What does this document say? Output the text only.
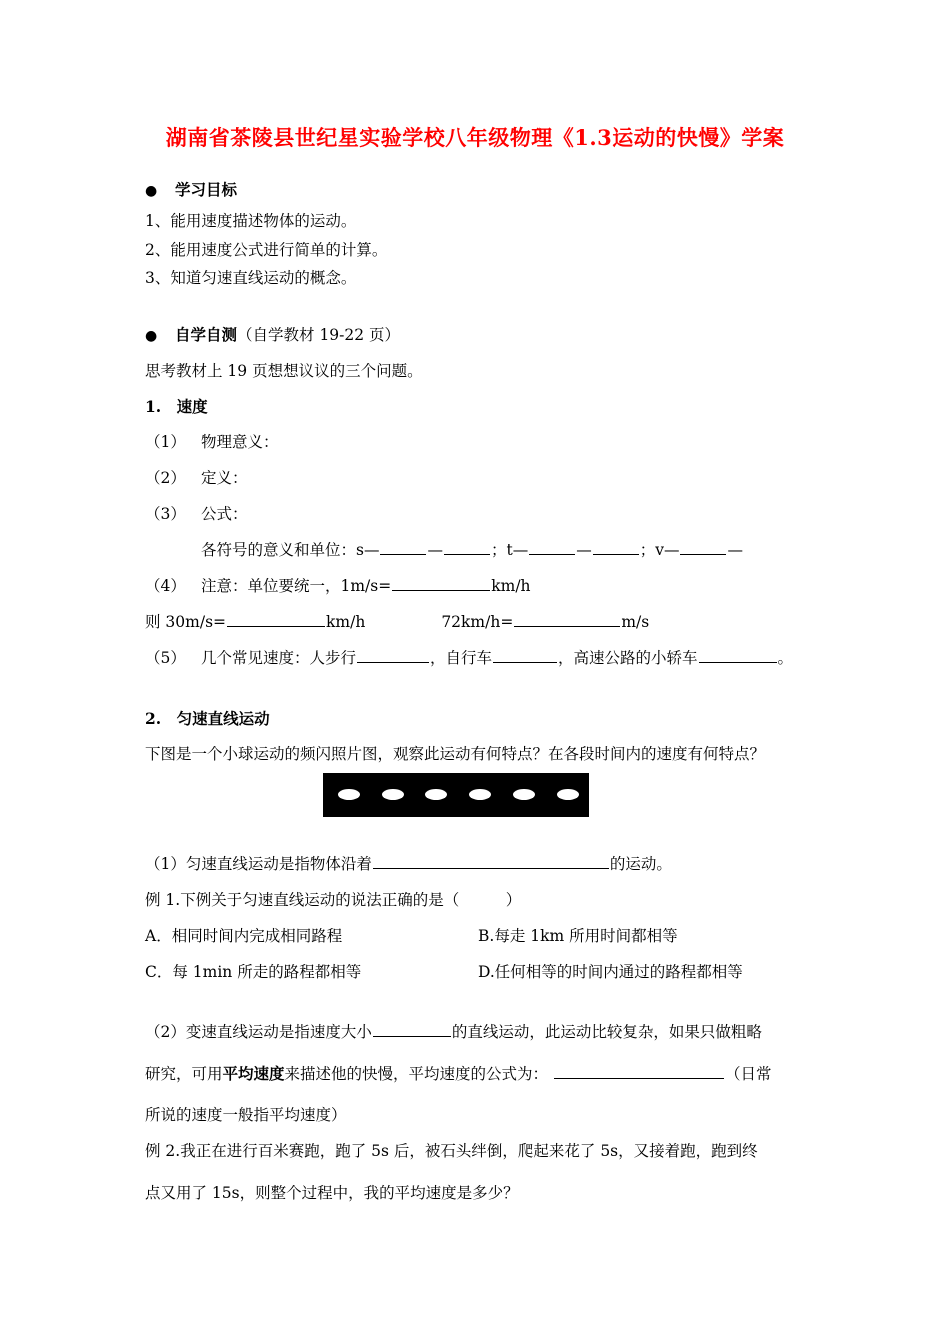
湖南省茶陵县世纪星实验学校八年级物理《1.3运动的快慢》学案
● 学习目标
1、能用速度描述物体的运动。
2、能用速度公式进行简单的计算。
3、知道匀速直线运动的概念。
● 自学自测（自学教材 19-22 页）
思考教材上 19 页想想议议的三个问题。
1.　速度
（1） 物理意义：
（2） 定义：
（3） 公式：
各符号的意义和单位：s—	—	；t—	—	；v—	—
（4） 注意：单位要统一，1m/s=	km/h
则 30m/s=	km/h	72km/h=	m/s
（5） 几个常见速度：人步行	，自行车	，高速公路的小轿车	。
2.　匀速直线运动
下图是一个小球运动的频闪照片图，观察此运动有何特点？在各段时间内的速度有何特点？
（1）匀速直线运动是指物体沿着	的运动。
例 1.下例关于匀速直线运动的说法正确的是（　　　）
A．相同时间内完成相同路程	B.每走 1km 所用时间都相等
C．每 1min 所走的路程都相等	D.任何相等的时间内通过的路程都相等
（2）变速直线运动是指速度大小	的直线运动，此运动比较复杂，如果只做粗略
研究，可用平均速度来描述他的快慢，平均速度的公式为：	（日常
所说的速度一般指平均速度）
例 2.我正在进行百米赛跑，跑了 5s 后，被石头绊倒，爬起来花了 5s，又接着跑，跑到终
点又用了 15s，则整个过程中，我的平均速度是多少？
